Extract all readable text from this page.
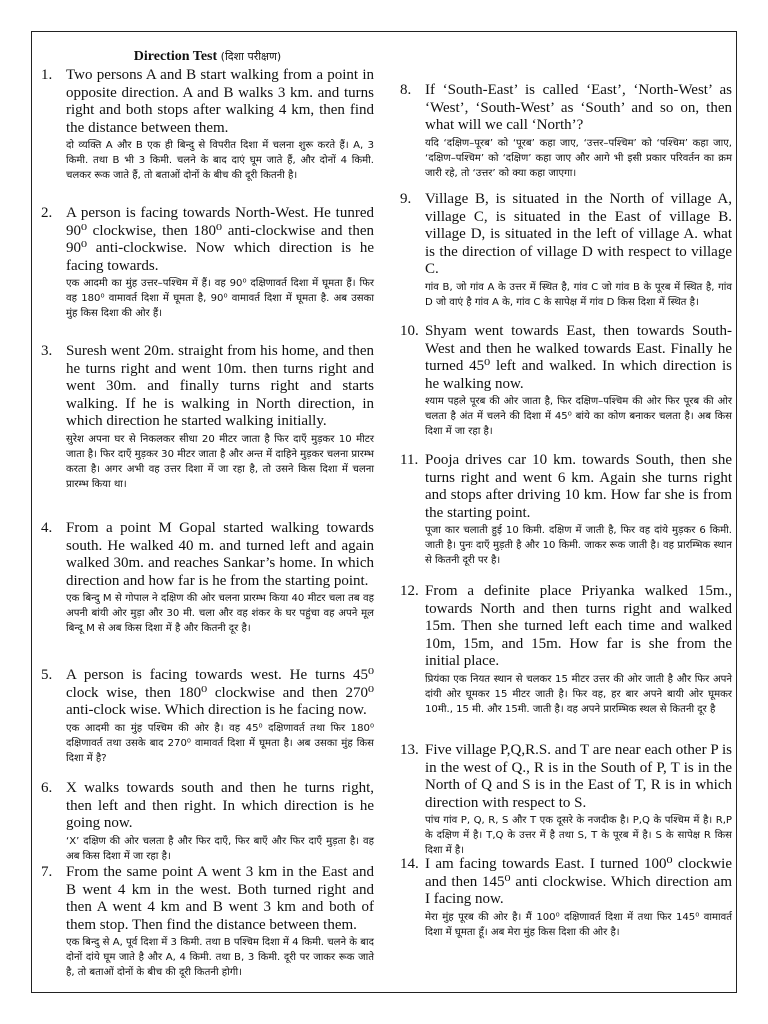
Direction Test (दिशा परीक्षण)
1. Two persons A and B start walking from a point in opposite direction. A and B walks 3 km. and turns right and both stops after walking 4 km, then find the distance between them.
दो व्यक्ति A और B एक ही बिन्दु से विपरीत दिशा में चलना शुरू करते हैं। A, 3 किमी. तथा B भी 3 किमी. चलने के बाद दाएं घूम जाते हैं, और दोनों 4 किमी. चलकर रूक जाते हैं, तो बताओं दोनों के बीच की दूरी कितनी है।
2. A person is facing towards North-West. He tunred 90⁰ clockwise, then 180⁰ anti-clockwise and then 90⁰ anti-clockwise. Now which direction is he facing towards.
एक आदमी का मुंह उत्तर–पश्चिम में हैं। वह 90⁰ दक्षिणावर्त दिशा में घूमता हैं। फिर वह 180⁰ वामावर्त दिशा में घूमता है, 90⁰ वामावर्त दिशा में घूमता है. अब उसका मुंह किस दिशा की ओर हैं।
3. Suresh went 20m. straight from his home, and then he turns right and went 10m. then turns right and went 30m. and finally turns right and starts walking. If he is walking in North direction, in which direction he started walking initially.
सुरेश अपना घर से निकलकर सीधा 20 मीटर जाता है फिर दाएँ मुड़कर 10 मीटर जाता है। फिर दाएँ मुड़कर 30 मीटर जाता है और अन्त में दाहिने मुड़कर चलना प्रारम्भ करता है। अगर अभी वह उत्तर दिशा में जा रहा है, तो उसने किस दिशा में चलना प्रारम्भ किया था।
4. From a point M Gopal started walking towards south. He walked 40 m. and turned left and again walked 30m. and reaches Sankar’s home. In which direction and how far is he from the starting point.
एक बिन्दु M से गोपाल ने दक्षिण की ओर चलना प्रारम्भ किया 40 मीटर चला तब वह अपनी बांयी ओर मुड़ा और 30 मी. चला और वह शंकर के घर पहुंचा वह अपने मूल बिन्दू M से अब किस दिशा में है और कितनी दूर है।
5. A person is facing towards west. He turns 45⁰ clock wise, then 180⁰ clockwise and then 270⁰ anti-clock wise. Which direction is he facing now.
एक आदमी का मुंह पश्चिम की ओर है। वह 45⁰ दक्षिणावर्त तथा फिर 180⁰ दक्षिणावर्त तथा उसके बाद 270⁰ वामावर्त दिशा में घूमता है। अब उसका मुंह किस दिशा में है?
6. X walks towards south and then he turns right, then left and then right. In which direction is he going now.
‘X’ दक्षिण की ओर चलता है और फिर दाएँ, फिर बाएँ और फिर दाएँ मुड़ता है। वह अब किस दिशा में जा रहा है।
7. From the same point A went 3 km in the East and B went 4 km in the west. Both turned right and then A went 4 km and B went 3 km and both of them stop. Then find the distance between them.
एक बिन्दु से A, पूर्व दिशा में 3 किमी. तथा B पश्चिम दिशा में 4 किमी. चलने के बाद दोनों दांये घूम जाते है और A, 4 किमी. तथा B, 3 किमी. दूरी पर जाकर रूक जाते है, तो बताओं दोनों के बीच की दूरी कितनी होगी।
8. If ‘South-East’ is called ‘East’, ‘North-West’ as ‘West’, ‘South-West’ as ‘South’ and so on, then what will we call ‘North’?
यदि ‘दक्षिण–पूरब’ को ‘पूरब’ कहा जाए, ‘उत्तर–पश्चिम’ को ‘पश्चिम’ कहा जाए, ‘दक्षिण–पश्चिम’ को ‘दक्षिण’ कहा जाए और आगे भी इसी प्रकार परिवर्तन का क्रम जारी रहे, तो ‘उत्तर’ को क्या कहा जाएगा।
9. Village B, is situated in the North of village A, village C, is situated in the East of village B. village D, is situated in the left of village A. what is the direction of village D with respect to village C.
गांव B, जो गांव A के उत्तर में स्थित है, गांव C जो गांव B के पूरब में स्थित है, गांव D जो वाएं है गांव A के, गांव C के सापेक्ष में गांव D किस दिशा में स्थित है।
10. Shyam went towards East, then towards South-West and then he walked towards East. Finally he turned 45⁰ left and walked. In which direction is he walking now.
श्याम पहले पूरब की ओर जाता है, फिर दक्षिण–पश्चिम की ओर फिर पूरब की ओर चलता है अंत में चलने की दिशा में 45⁰ बांये का कोण बनाकर चलता है। अब किस दिशा में जा रहा है।
11. Pooja drives car 10 km. towards South, then she turns right and went 6 km. Again she turns right and stops after driving 10 km. How far she is from the starting point.
पूजा कार चलाती हुई 10 किमी. दक्षिण में जाती है, फिर वह दांये मुड़कर 6 किमी. जाती है। पुनः दाएँ मुड़ती है और 10 किमी. जाकर रूक जाती है। वह प्रारम्भिक स्थान से कितनी दूरी पर है।
12. From a definite place Priyanka walked 15m., towards North and then turns right and walked 15m. Then she turned left each time and walked 10m, 15m, and 15m. How far is she from the initial place.
प्रियंका एक नियत स्थान से चलकर 15 मीटर उत्तर की ओर जाती है और फिर अपने दांयी ओर घूमकर 15 मीटर जाती है। फिर वह, हर बार अपने बायी ओर घूमकर 10मी., 15 मी. और 15मी. जाती है। वह अपने प्रारम्भिक स्थल से कितनी दूर है
13. Five village P,Q,R.S. and T are near each other P is in the west of Q., R is in the South of P, T is in the North of Q and S is in the East of T, R is in which direction with respect to S.
पांच गांव P, Q, R, S और T एक दूसरे के नजदीक है। P,Q के पश्चिम में है। R,P के दक्षिण में है। T,Q के उत्तर में है तथा S, T के पूरब में है। S के सापेक्ष R किस दिशा में है।
14. I am facing towards East. I turned 100⁰ clockwie and then 145⁰ anti clockwise. Which direction am I facing now.
मेरा मुंह पूरब की ओर है। मैं 100⁰ दक्षिणावर्त दिशा में तथा फिर 145⁰ वामावर्त दिशा में घूमता हूँ। अब मेरा मुंह किस दिशा की ओर है।
